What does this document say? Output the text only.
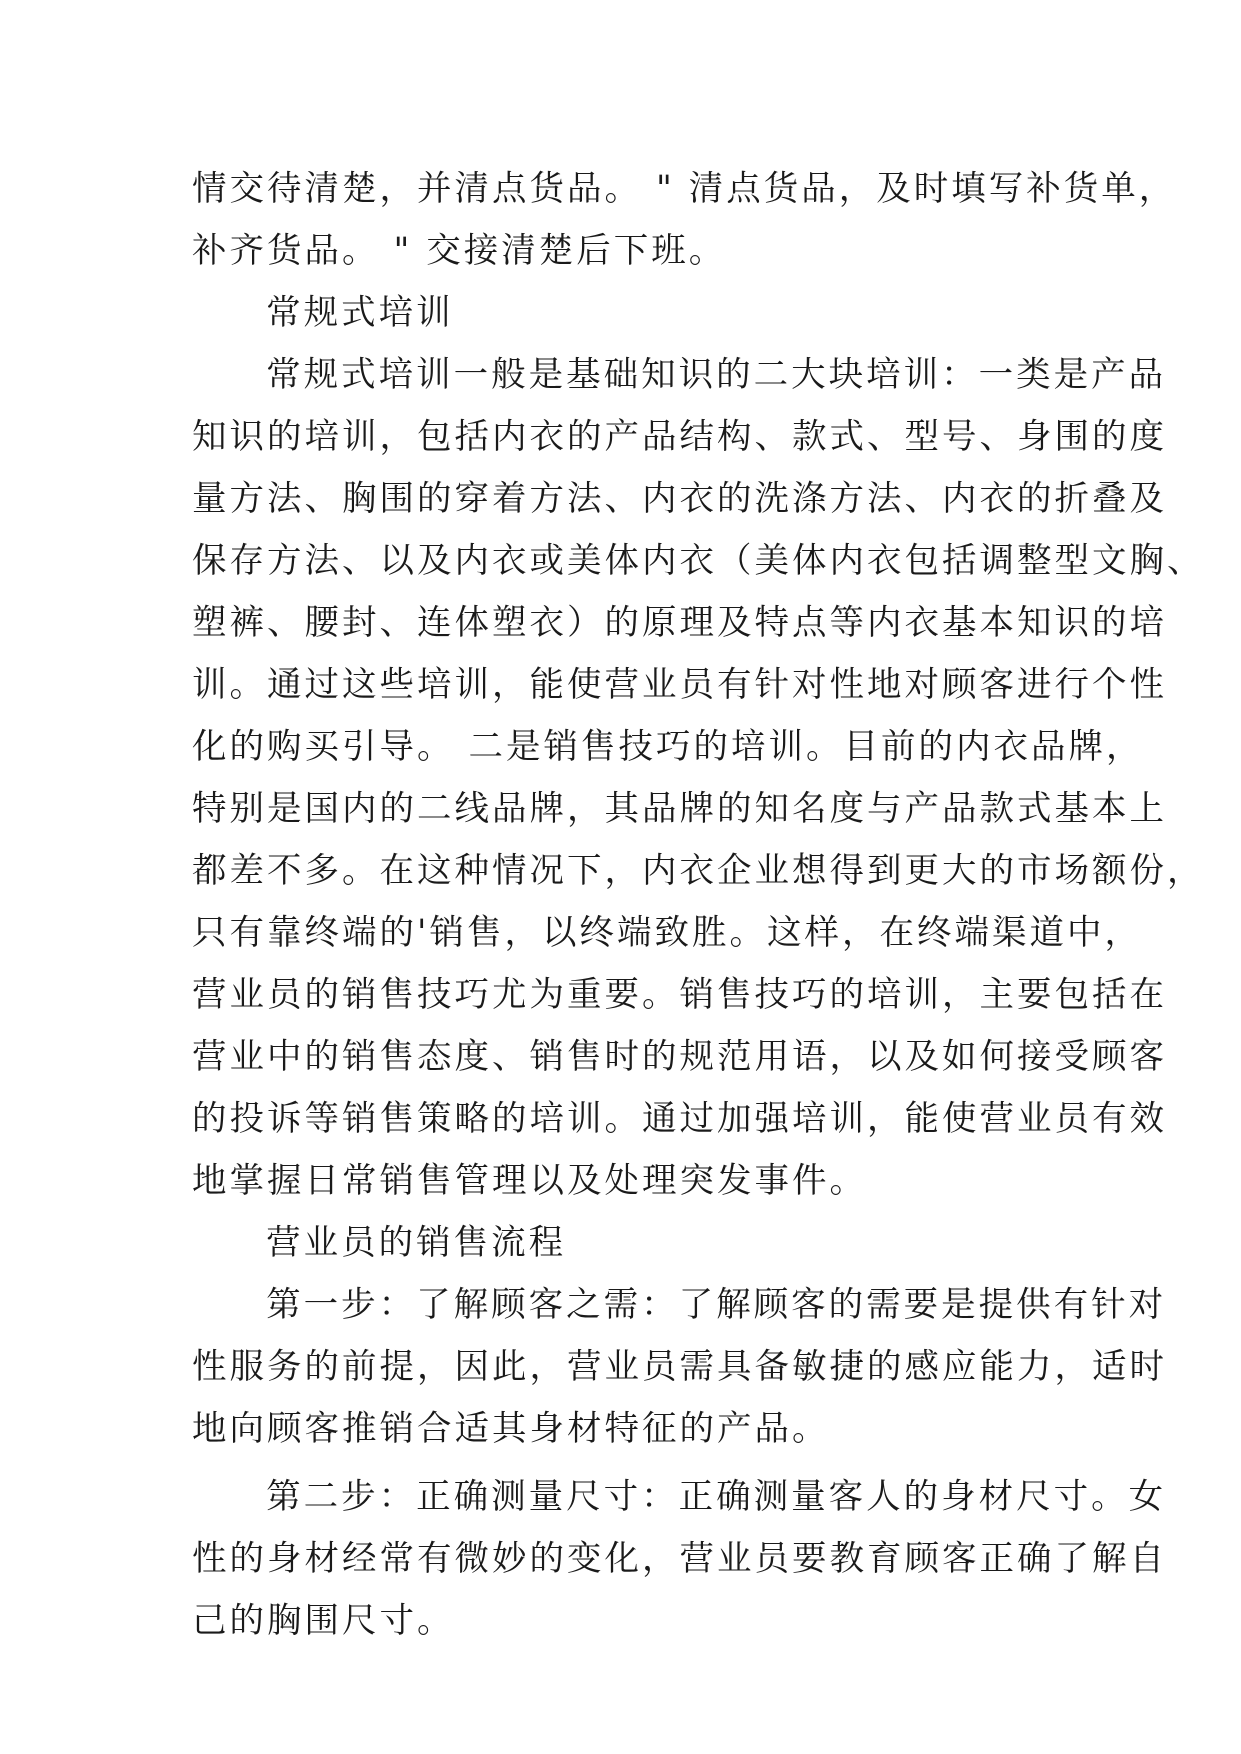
情交待清楚，并清点货品。 " 清点货品，及时填写补货单，
补齐货品。 " 交接清楚后下班。
常规式培训
常规式培训一般是基础知识的二大块培训：一类是产品
知识的培训，包括内衣的产品结构、款式、型号、身围的度
量方法、胸围的穿着方法、内衣的洗涤方法、内衣的折叠及
保存方法、以及内衣或美体内衣（美体内衣包括调整型文胸、
塑裤、腰封、连体塑衣）的原理及特点等内衣基本知识的培
训。通过这些培训，能使营业员有针对性地对顾客进行个性
化的购买引导。 二是销售技巧的培训。目前的内衣品牌，
特别是国内的二线品牌，其品牌的知名度与产品款式基本上
都差不多。在这种情况下，内衣企业想得到更大的市场额份，
只有靠终端的'销售，以终端致胜。这样，在终端渠道中，
营业员的销售技巧尤为重要。销售技巧的培训，主要包括在
营业中的销售态度、销售时的规范用语，以及如何接受顾客
的投诉等销售策略的培训。通过加强培训，能使营业员有效
地掌握日常销售管理以及处理突发事件。
营业员的销售流程
第一步：了解顾客之需：了解顾客的需要是提供有针对
性服务的前提，因此，营业员需具备敏捷的感应能力，适时
地向顾客推销合适其身材特征的产品。
第二步：正确测量尺寸：正确测量客人的身材尺寸。女
性的身材经常有微妙的变化，营业员要教育顾客正确了解自
己的胸围尺寸。
